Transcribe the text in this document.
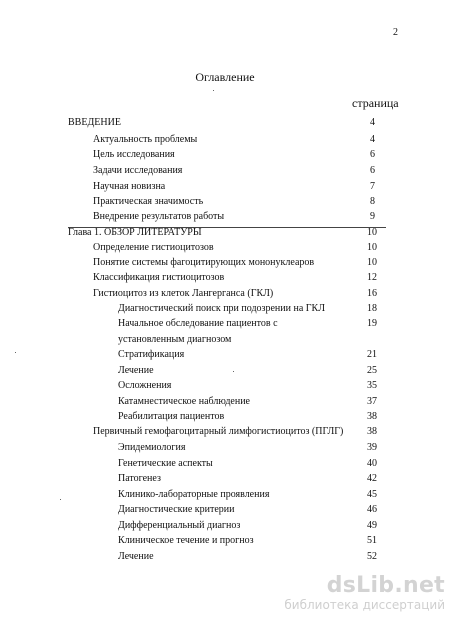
2
Оглавление
страница
ВВЕДЕНИЕ	4
Актуальность проблемы	4
Цель исследования	6
Задачи исследования	6
Научная новизна	7
Практическая значимость	8
Внедрение результатов работы	9
Глава 1. ОБЗОР ЛИТЕРАТУРЫ	10
Определение гистиоцитозов	10
Понятие системы фагоцитирующих мононуклеаров	10
Классификация гистиоцитозов	12
Гистиоцитоз из клеток Лангерганса (ГКЛ)	16
Диагностический поиск при подозрении на ГКЛ	18
Начальное обследование пациентов с	19
установленным диагнозом
Стратификация	21
Лечение	25
Осложнения	35
Катамнестическое наблюдение	37
Реабилитация пациентов	38
Первичный гемофагоцитарный лимфогистиоцитоз (ПГЛГ) 38
Эпидемиология	39
Генетические аспекты	40
Патогенез	42
Клинико-лабораторные проявления	45
Диагностические критерии	46
Дифференциальный диагноз	49
Клиническое течение и прогноз	51
Лечение	52
dsLib.net
библиотека диссертаций
